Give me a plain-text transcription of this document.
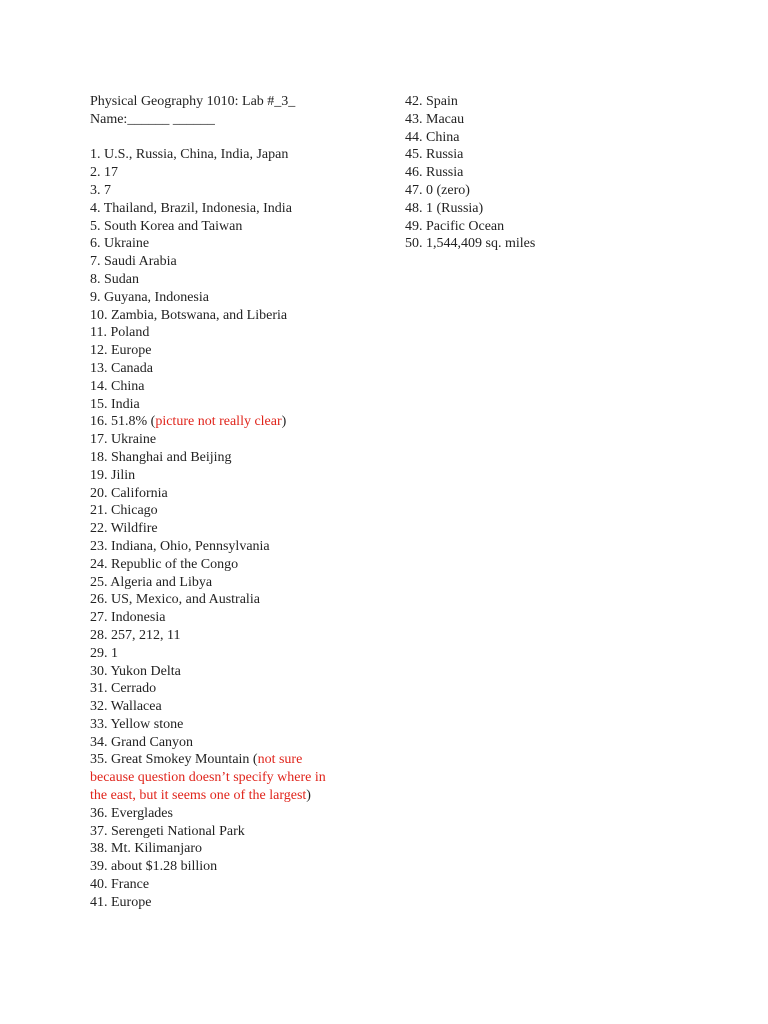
Physical Geography 1010: Lab #_3_
Name:______ ______
1. U.S., Russia, China, India, Japan
2. 17
3. 7
4. Thailand, Brazil, Indonesia, India
5. South Korea and Taiwan
6. Ukraine
7. Saudi Arabia
8. Sudan
9. Guyana, Indonesia
10. Zambia, Botswana, and Liberia
11. Poland
12. Europe
13. Canada
14. China
15. India
16. 51.8% (picture not really clear)
17. Ukraine
18. Shanghai and Beijing
19. Jilin
20. California
21. Chicago
22. Wildfire
23. Indiana, Ohio, Pennsylvania
24. Republic of the Congo
25. Algeria and Libya
26. US, Mexico, and Australia
27. Indonesia
28. 257, 212, 11
29. 1
30. Yukon Delta
31. Cerrado
32. Wallacea
33. Yellow stone
34. Grand Canyon
35. Great Smokey Mountain (not sure
because question doesn’t specify where in
the east, but it seems one of the largest)
36. Everglades
37. Serengeti National Park
38. Mt. Kilimanjaro
39. about $1.28 billion
40. France
41. Europe
42. Spain
43. Macau
44. China
45. Russia
46. Russia
47. 0 (zero)
48. 1 (Russia)
49. Pacific Ocean
50. 1,544,409 sq. miles
